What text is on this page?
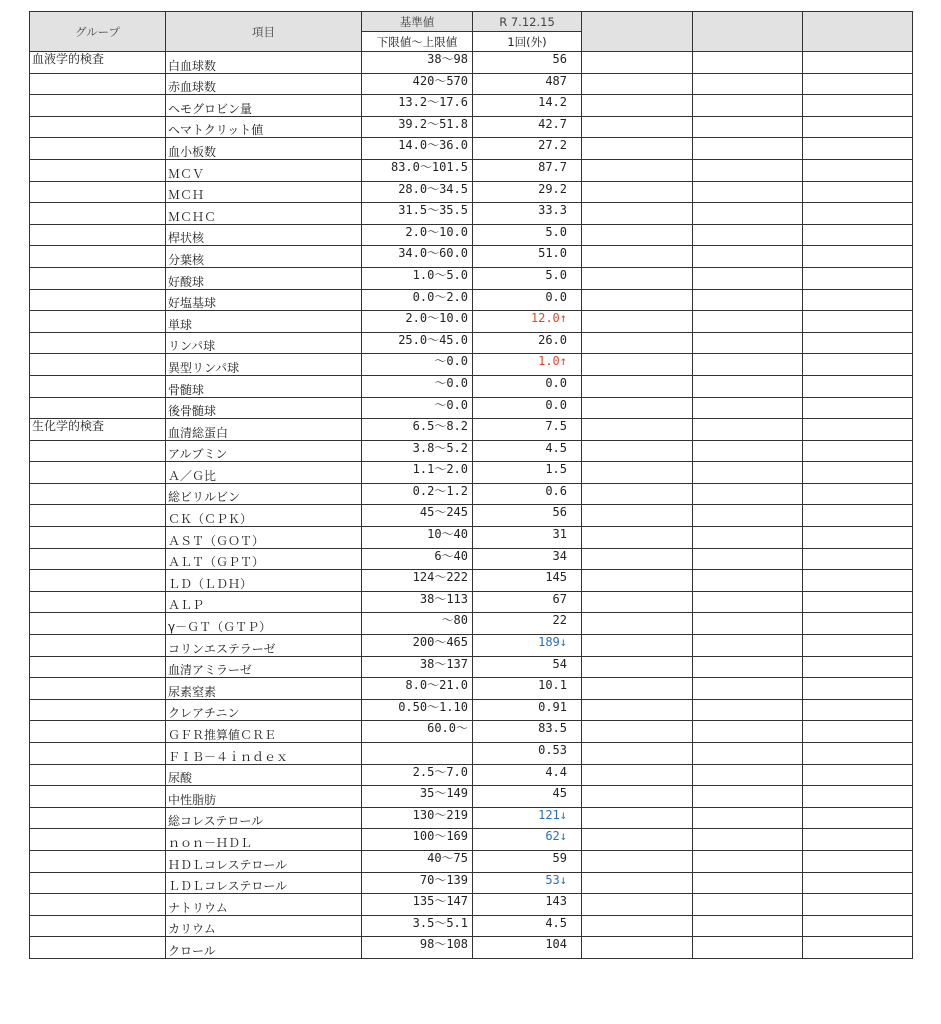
グループ	項目	基準値	R 7.12.15			
		下限値～上限値	1回(外)			
血液学的検査	白血球数	38～98	56			
	赤血球数	420～570	487			
	ヘモグロビン量	13.2～17.6	14.2			
	ヘマトクリット値	39.2～51.8	42.7			
	血小板数	14.0～36.0	27.2			
	ＭＣＶ	83.0～101.5	87.7			
	ＭＣＨ	28.0～34.5	29.2			
	ＭＣＨＣ	31.5～35.5	33.3			
	桿状核	2.0～10.0	5.0			
	分葉核	34.0～60.0	51.0			
	好酸球	1.0～5.0	5.0			
	好塩基球	0.0～2.0	0.0			
	単球	2.0～10.0	12.0↑			
	リンパ球	25.0～45.0	26.0			
	異型リンパ球	～0.0	1.0↑			
	骨髄球	～0.0	0.0			
	後骨髄球	～0.0	0.0			
生化学的検査	血清総蛋白	6.5～8.2	7.5			
	アルブミン	3.8～5.2	4.5			
	Ａ／Ｇ比	1.1～2.0	1.5			
	総ビリルビン	0.2～1.2	0.6			
	ＣＫ（ＣＰＫ）	45～245	56			
	ＡＳＴ（ＧＯＴ）	10～40	31			
	ＡＬＴ（ＧＰＴ）	6～40	34			
	ＬＤ（ＬＤＨ）	124～222	145			
	ＡＬＰ	38～113	67			
	γ－ＧＴ（ＧＴＰ）	～80	22			
	コリンエステラーゼ	200～465	189↓			
	血清アミラーゼ	38～137	54			
	尿素窒素	8.0～21.0	10.1			
	クレアチニン	0.50～1.10	0.91			
	ＧＦＲ推算値ＣＲＥ	60.0～	83.5			
	ＦＩＢ－４ｉｎｄｅｘ		0.53			
	尿酸	2.5～7.0	4.4			
	中性脂肪	35～149	45			
	総コレステロール	130～219	121↓			
	ｎｏｎ－ＨＤＬ	100～169	62↓			
	ＨＤＬコレステロール	40～75	59			
	ＬＤＬコレステロール	70～139	53↓			
	ナトリウム	135～147	143			
	カリウム	3.5～5.1	4.5			
	クロール	98～108	104			
